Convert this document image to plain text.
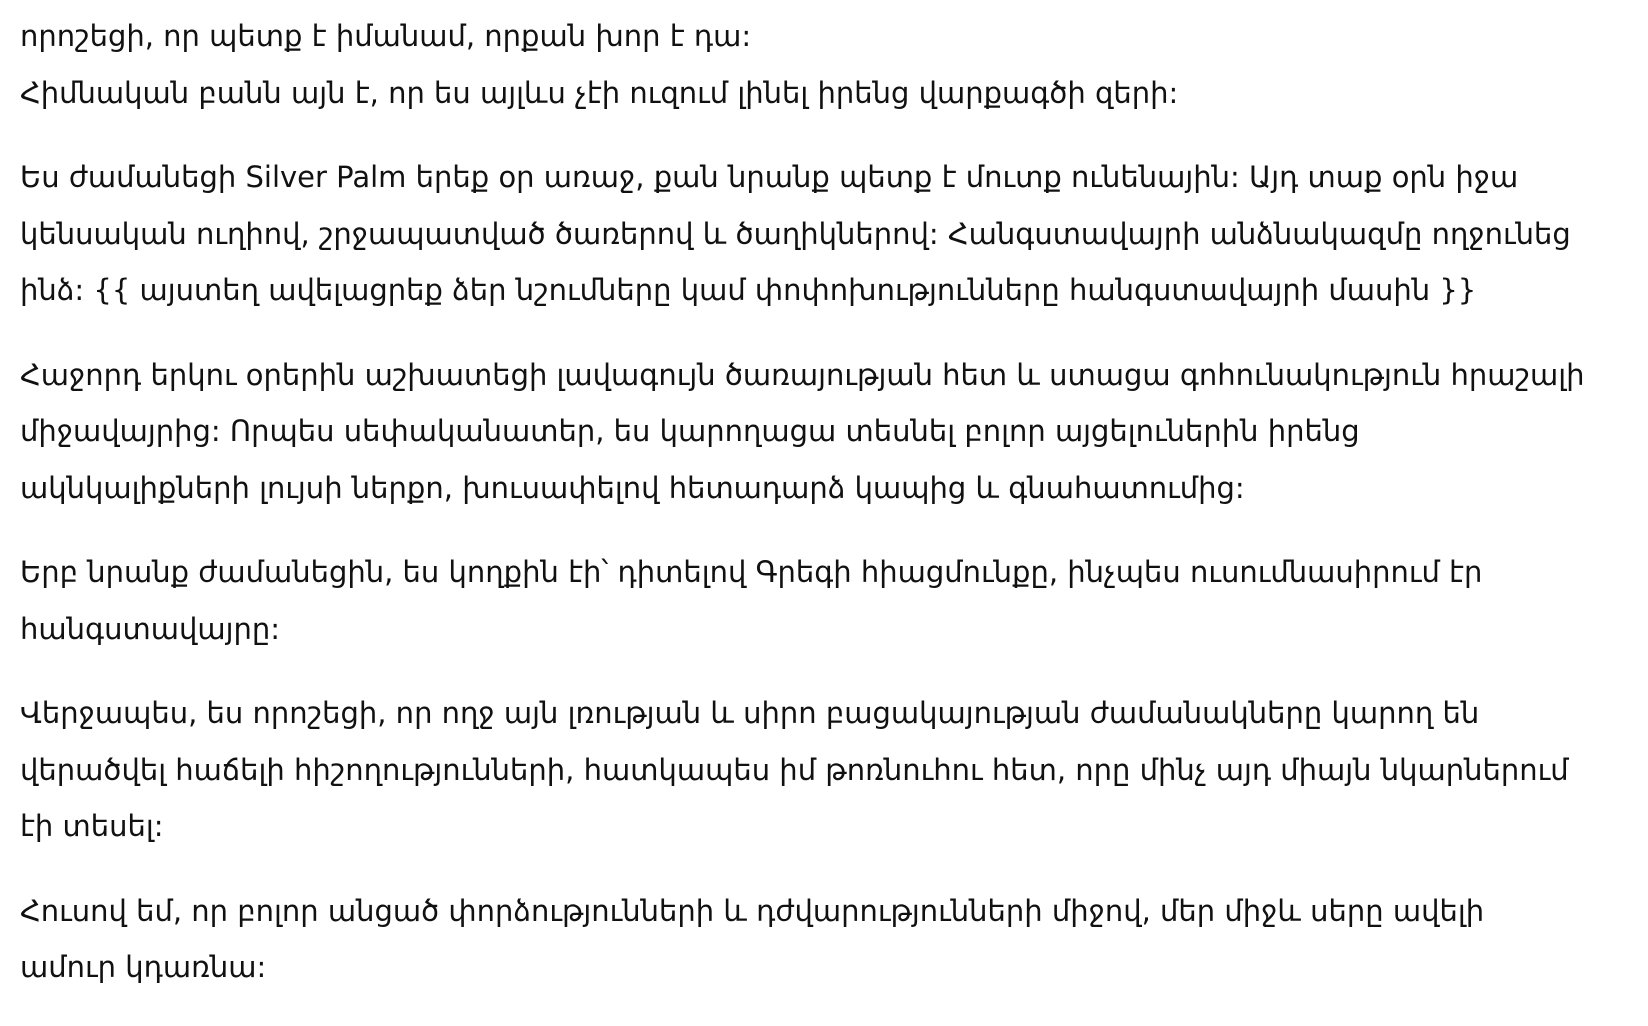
որոշեցի, որ պետք է իմանամ, որքան խոր է դա:
Հիմնական բանն այն է, որ ես այլևս չէի ուզում լինել իրենց վարքագծի զերի:
Ես ժամանեցի Silver Palm երեք օր առաջ, քան նրանք պետք է մուտք ունենային: Այդ տաք օրն իջա
կենսական ուղիով, շրջապատված ծառերով և ծաղիկներով: Հանգստավայրի անձնակազմը ողջունեց
ինձ: {{ այստեղ ավելացրեք ձեր նշումները կամ փոփոխությունները հանգստավայրի մասին }}
Հաջորդ երկու օրերին աշխատեցի լավագույն ծառայության հետ և ստացա գոհունակություն հրաշալի
միջավայրից: Որպես սեփականատեր, ես կարողացա տեսնել բոլոր այցելուներին իրենց
ակնկալիքների լույսի ներքո, խուսափելով հետադարձ կապից և գնահատումից:
Երբ նրանք ժամանեցին, ես կողքին էի՝ դիտելով Գրեգի հիացմունքը, ինչպես ուսումնասիրում էր
հանգստավայրը:
Վերջապես, ես որոշեցի, որ ողջ այն լռության և սիրո բացակայության ժամանակները կարող են
վերածվել հաճելի հիշողությունների, հատկապես իմ թոռնուհու հետ, որը մինչ այդ միայն նկարներում
էի տեսել:
Հուսով եմ, որ բոլոր անցած փորձությունների և դժվարությունների միջով, մեր միջև սերը ավելի
ամուր կդառնա:
